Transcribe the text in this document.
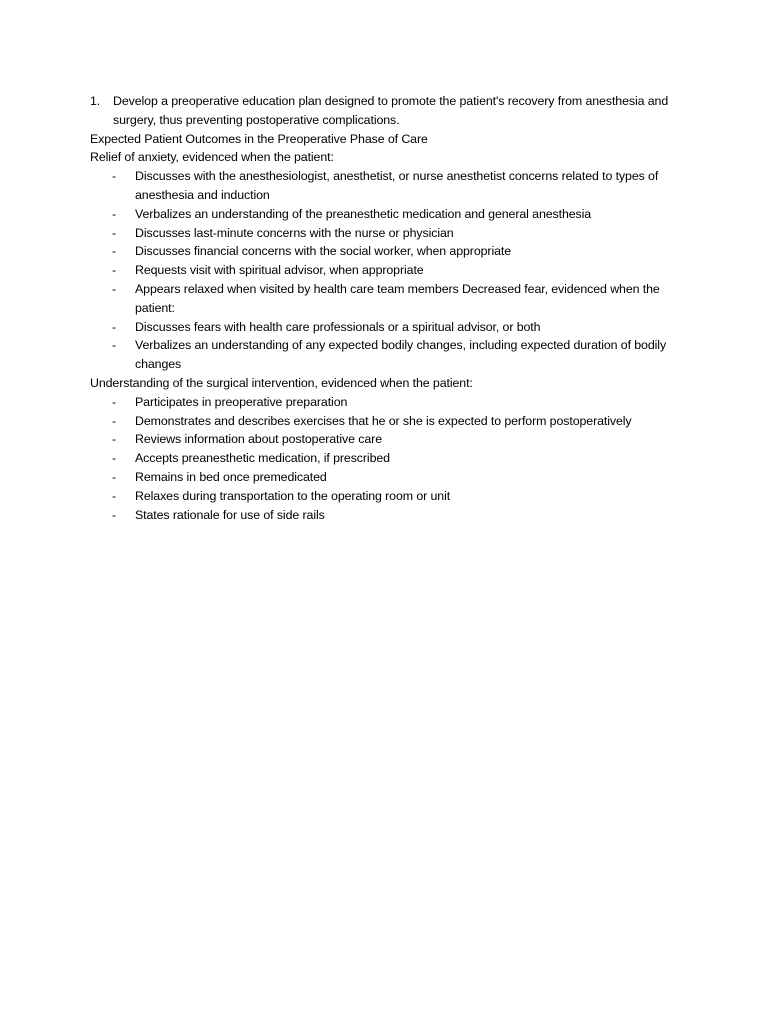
1. Develop a preoperative education plan designed to promote the patient's recovery from anesthesia and surgery, thus preventing postoperative complications.
Expected Patient Outcomes in the Preoperative Phase of Care
Relief of anxiety, evidenced when the patient:
- Discusses with the anesthesiologist, anesthetist, or nurse anesthetist concerns related to types of anesthesia and induction
- Verbalizes an understanding of the preanesthetic medication and general anesthesia
- Discusses last-minute concerns with the nurse or physician
- Discusses financial concerns with the social worker, when appropriate
- Requests visit with spiritual advisor, when appropriate
- Appears relaxed when visited by health care team members Decreased fear, evidenced when the patient:
- Discusses fears with health care professionals or a spiritual advisor, or both
- Verbalizes an understanding of any expected bodily changes, including expected duration of bodily changes
Understanding of the surgical intervention, evidenced when the patient:
- Participates in preoperative preparation
- Demonstrates and describes exercises that he or she is expected to perform postoperatively
- Reviews information about postoperative care
- Accepts preanesthetic medication, if prescribed
- Remains in bed once premedicated
- Relaxes during transportation to the operating room or unit
- States rationale for use of side rails
